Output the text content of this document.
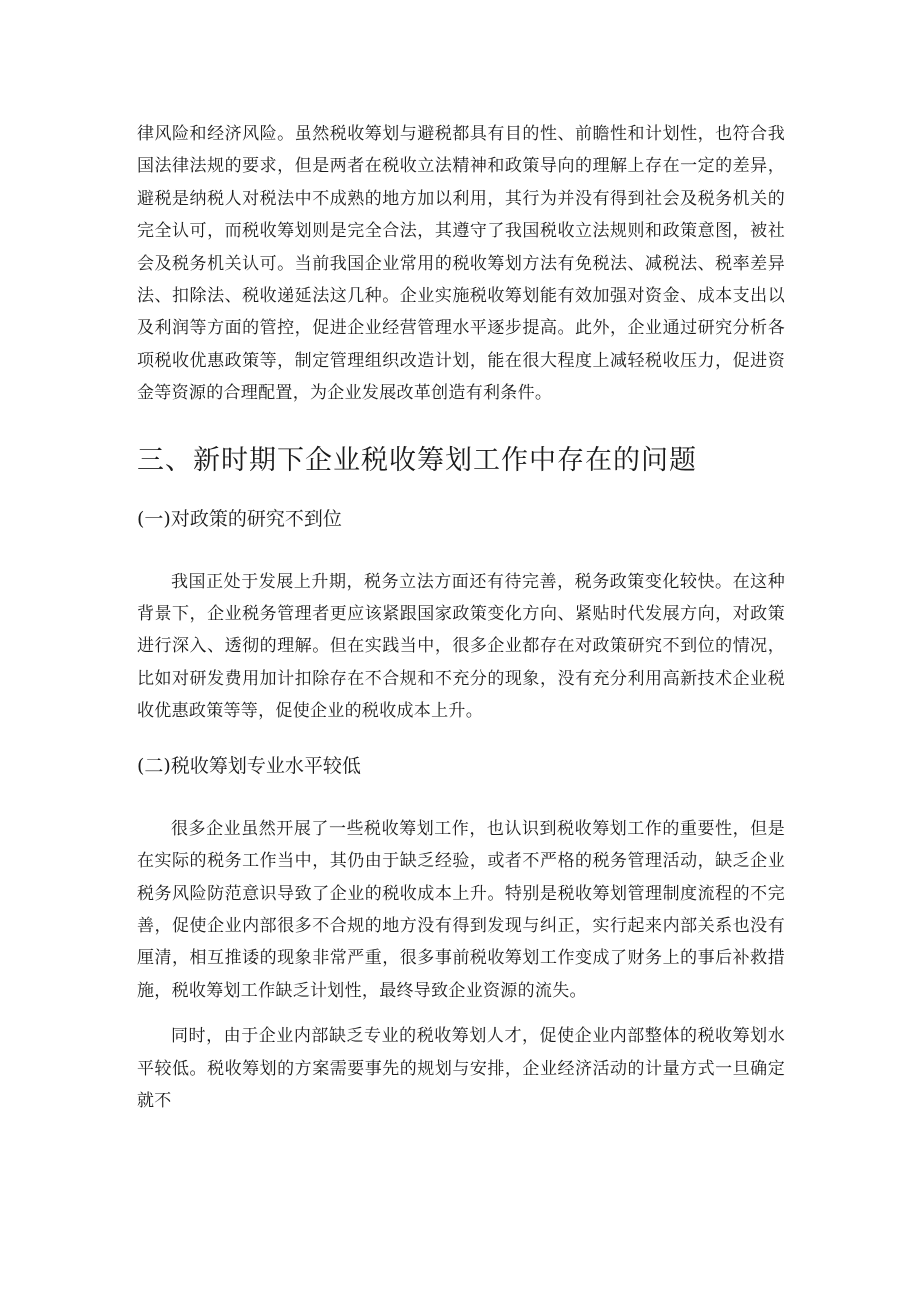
律风险和经济风险。虽然税收筹划与避税都具有目的性、前瞻性和计划性，也符合我国法律法规的要求，但是两者在税收立法精神和政策导向的理解上存在一定的差异，避税是纳税人对税法中不成熟的地方加以利用，其行为并没有得到社会及税务机关的完全认可，而税收筹划则是完全合法，其遵守了我国税收立法规则和政策意图，被社会及税务机关认可。当前我国企业常用的税收筹划方法有免税法、减税法、税率差异法、扣除法、税收递延法这几种。企业实施税收筹划能有效加强对资金、成本支出以及利润等方面的管控，促进企业经营管理水平逐步提高。此外，企业通过研究分析各项税收优惠政策等，制定管理组织改造计划，能在很大程度上减轻税收压力，促进资金等资源的合理配置，为企业发展改革创造有利条件。

三、新时期下企业税收筹划工作中存在的问题
(一)对政策的研究不到位

我国正处于发展上升期，税务立法方面还有待完善，税务政策变化较快。在这种背景下，企业税务管理者更应该紧跟国家政策变化方向、紧贴时代发展方向，对政策进行深入、透彻的理解。但在实践当中，很多企业都存在对政策研究不到位的情况，比如对研发费用加计扣除存在不合规和不充分的现象，没有充分利用高新技术企业税收优惠政策等等，促使企业的税收成本上升。

(二)税收筹划专业水平较低

很多企业虽然开展了一些税收筹划工作，也认识到税收筹划工作的重要性，但是在实际的税务工作当中，其仍由于缺乏经验，或者不严格的税务管理活动，缺乏企业税务风险防范意识导致了企业的税收成本上升。特别是税收筹划管理制度流程的不完善，促使企业内部很多不合规的地方没有得到发现与纠正，实行起来内部关系也没有厘清，相互推诿的现象非常严重，很多事前税收筹划工作变成了财务上的事后补救措施，税收筹划工作缺乏计划性，最终导致企业资源的流失。

同时，由于企业内部缺乏专业的税收筹划人才，促使企业内部整体的税收筹划水平较低。税收筹划的方案需要事先的规划与安排，企业经济活动的计量方式一旦确定就不
